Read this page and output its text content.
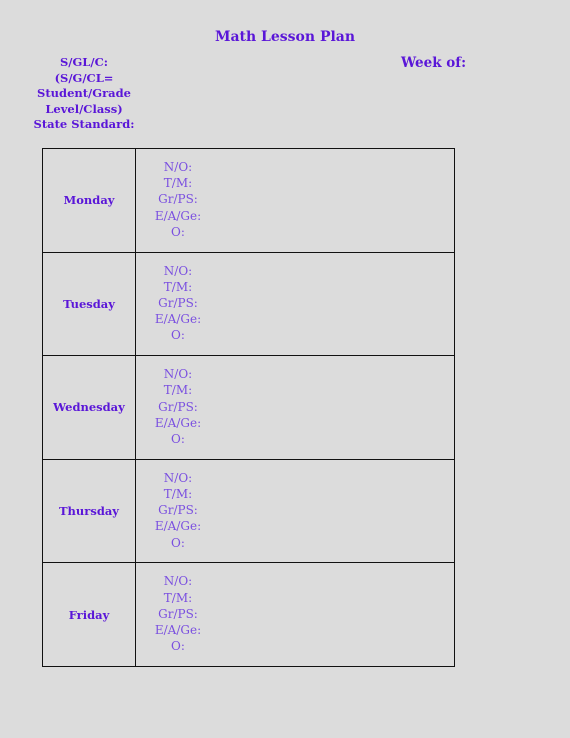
Math Lesson Plan
S/GL/C:
(S/G/CL=
Student/Grade
Level/Class)
State Standard:
Week of:
Monday
N/O:
T/M:
Gr/PS:
E/A/Ge:
O:
Tuesday
N/O:
T/M:
Gr/PS:
E/A/Ge:
O:
Wednesday
N/O:
T/M:
Gr/PS:
E/A/Ge:
O:
Thursday
N/O:
T/M:
Gr/PS:
E/A/Ge:
O:
Friday
N/O:
T/M:
Gr/PS:
E/A/Ge:
O:
